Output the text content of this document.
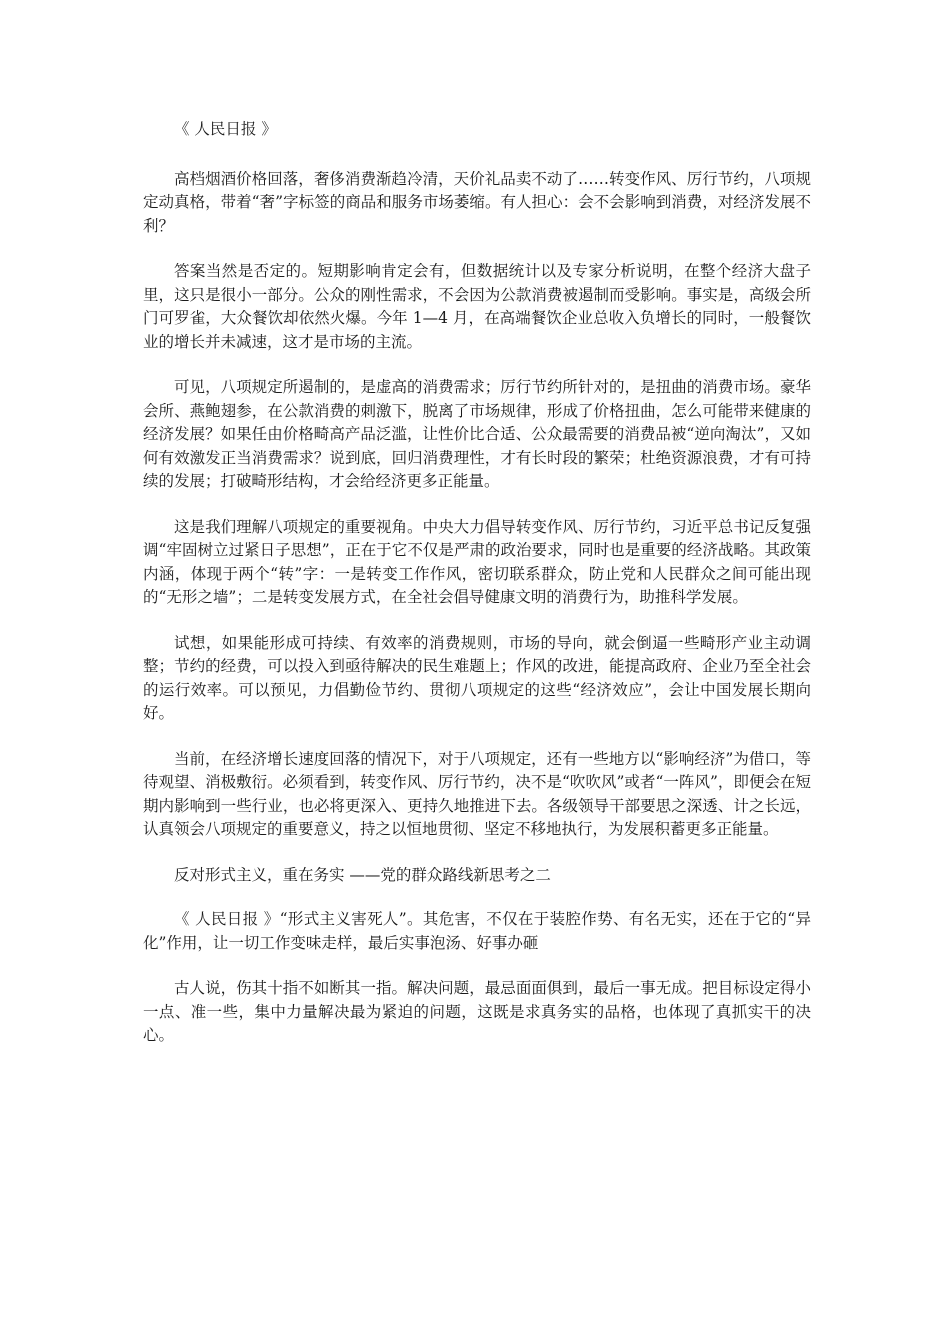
《 人民日报 》

高档烟酒价格回落，奢侈消费渐趋冷清，天价礼品卖不动了……转变作风、厉行节约，八项规定动真格，带着“奢”字标签的商品和服务市场萎缩。有人担心：会不会影响到消费，对经济发展不利？

答案当然是否定的。短期影响肯定会有，但数据统计以及专家分析说明，在整个经济大盘子里，这只是很小一部分。公众的刚性需求，不会因为公款消费被遏制而受影响。事实是，高级会所门可罗雀，大众餐饮却依然火爆。今年 1—4 月，在高端餐饮企业总收入负增长的同时，一般餐饮业的增长并未减速，这才是市场的主流。

可见，八项规定所遏制的，是虚高的消费需求；厉行节约所针对的，是扭曲的消费市场。豪华会所、燕鲍翅参，在公款消费的刺激下，脱离了市场规律，形成了价格扭曲，怎么可能带来健康的经济发展？如果任由价格畸高产品泛滥，让性价比合适、公众最需要的消费品被“逆向淘汰”，又如何有效激发正当消费需求？说到底，回归消费理性，才有长时段的繁荣；杜绝资源浪费，才有可持续的发展；打破畸形结构，才会给经济更多正能量。

这是我们理解八项规定的重要视角。中央大力倡导转变作风、厉行节约，习近平总书记反复强调“牢固树立过紧日子思想”，正在于它不仅是严肃的政治要求，同时也是重要的经济战略。其政策内涵，体现于两个“转”字：一是转变工作作风，密切联系群众，防止党和人民群众之间可能出现的“无形之墙”；二是转变发展方式，在全社会倡导健康文明的消费行为，助推科学发展。

试想，如果能形成可持续、有效率的消费规则，市场的导向，就会倒逼一些畸形产业主动调整；节约的经费，可以投入到亟待解决的民生难题上；作风的改进，能提高政府、企业乃至全社会的运行效率。可以预见，力倡勤俭节约、贯彻八项规定的这些“经济效应”，会让中国发展长期向好。

当前，在经济增长速度回落的情况下，对于八项规定，还有一些地方以“影响经济”为借口，等待观望、消极敷衍。必须看到，转变作风、厉行节约，决不是“吹吹风”或者“一阵风”，即便会在短期内影响到一些行业，也必将更深入、更持久地推进下去。各级领导干部要思之深透、计之长远，认真领会八项规定的重要意义，持之以恒地贯彻、坚定不移地执行，为发展积蓄更多正能量。

反对形式主义，重在务实 ——党的群众路线新思考之二

《 人民日报 》“形式主义害死人”。其危害，不仅在于装腔作势、有名无实，还在于它的“异化”作用，让一切工作变味走样，最后实事泡汤、好事办砸

古人说，伤其十指不如断其一指。解决问题，最忌面面俱到，最后一事无成。把目标设定得小一点、准一些，集中力量解决最为紧迫的问题，这既是求真务实的品格，也体现了真抓实干的决心。
